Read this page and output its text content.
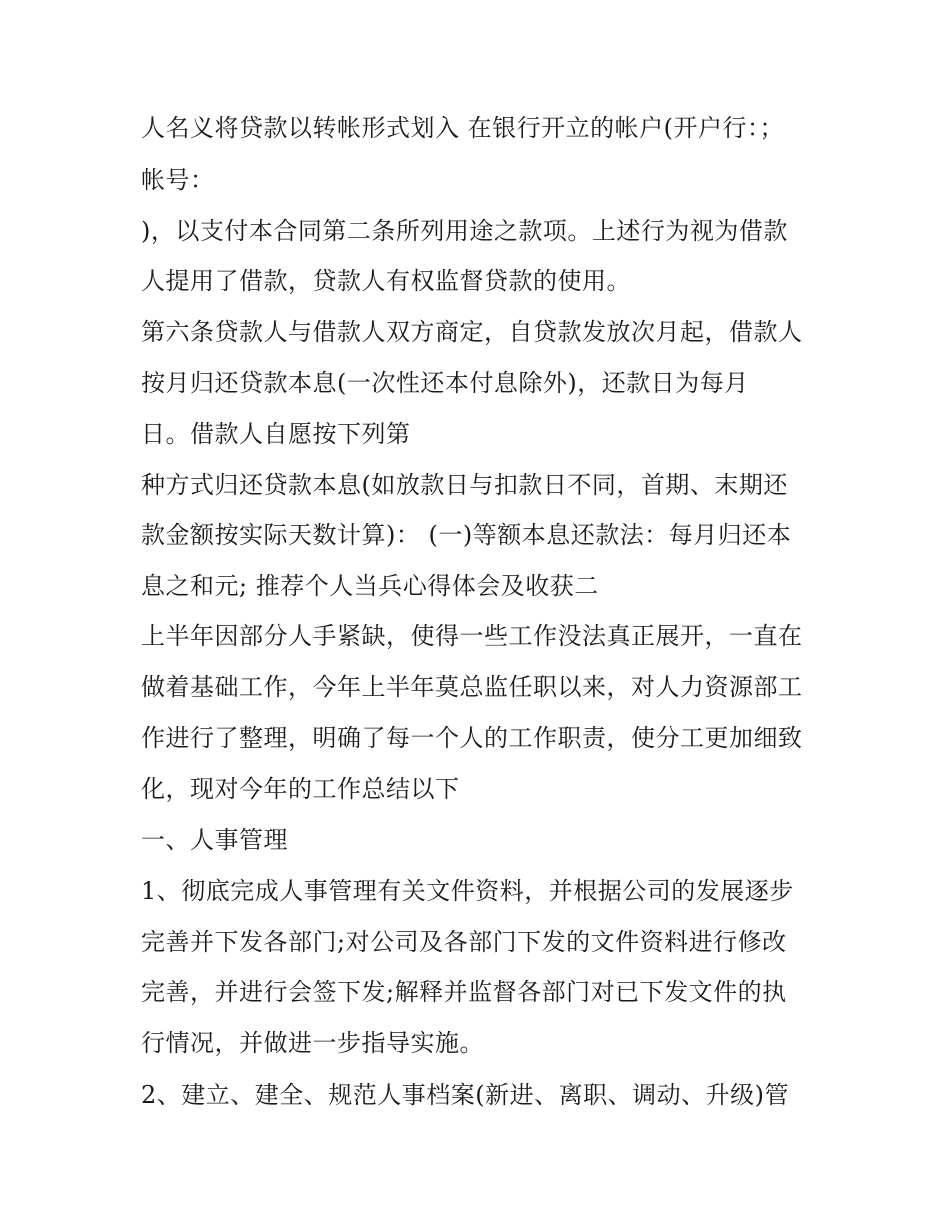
人名义将贷款以转帐形式划入 在银行开立的帐户(开户行：；
帐号：
)，以支付本合同第二条所列用途之款项。上述行为视为借款
人提用了借款，贷款人有权监督贷款的使用。
第六条贷款人与借款人双方商定，自贷款发放次月起，借款人
按月归还贷款本息(一次性还本付息除外)，还款日为每月
日。借款人自愿按下列第
种方式归还贷款本息(如放款日与扣款日不同，首期、末期还
款金额按实际天数计算)： (一)等额本息还款法：每月归还本
息之和元; 推荐个人当兵心得体会及收获二
上半年因部分人手紧缺，使得一些工作没法真正展开，一直在
做着基础工作，今年上半年莫总监任职以来，对人力资源部工
作进行了整理，明确了每一个人的工作职责，使分工更加细致
化，现对今年的工作总结以下
一、人事管理
1、彻底完成人事管理有关文件资料，并根据公司的发展逐步
完善并下发各部门;对公司及各部门下发的文件资料进行修改
完善，并进行会签下发;解释并监督各部门对已下发文件的执
行情况，并做进一步指导实施。
2、建立、建全、规范人事档案(新进、离职、调动、升级)管
